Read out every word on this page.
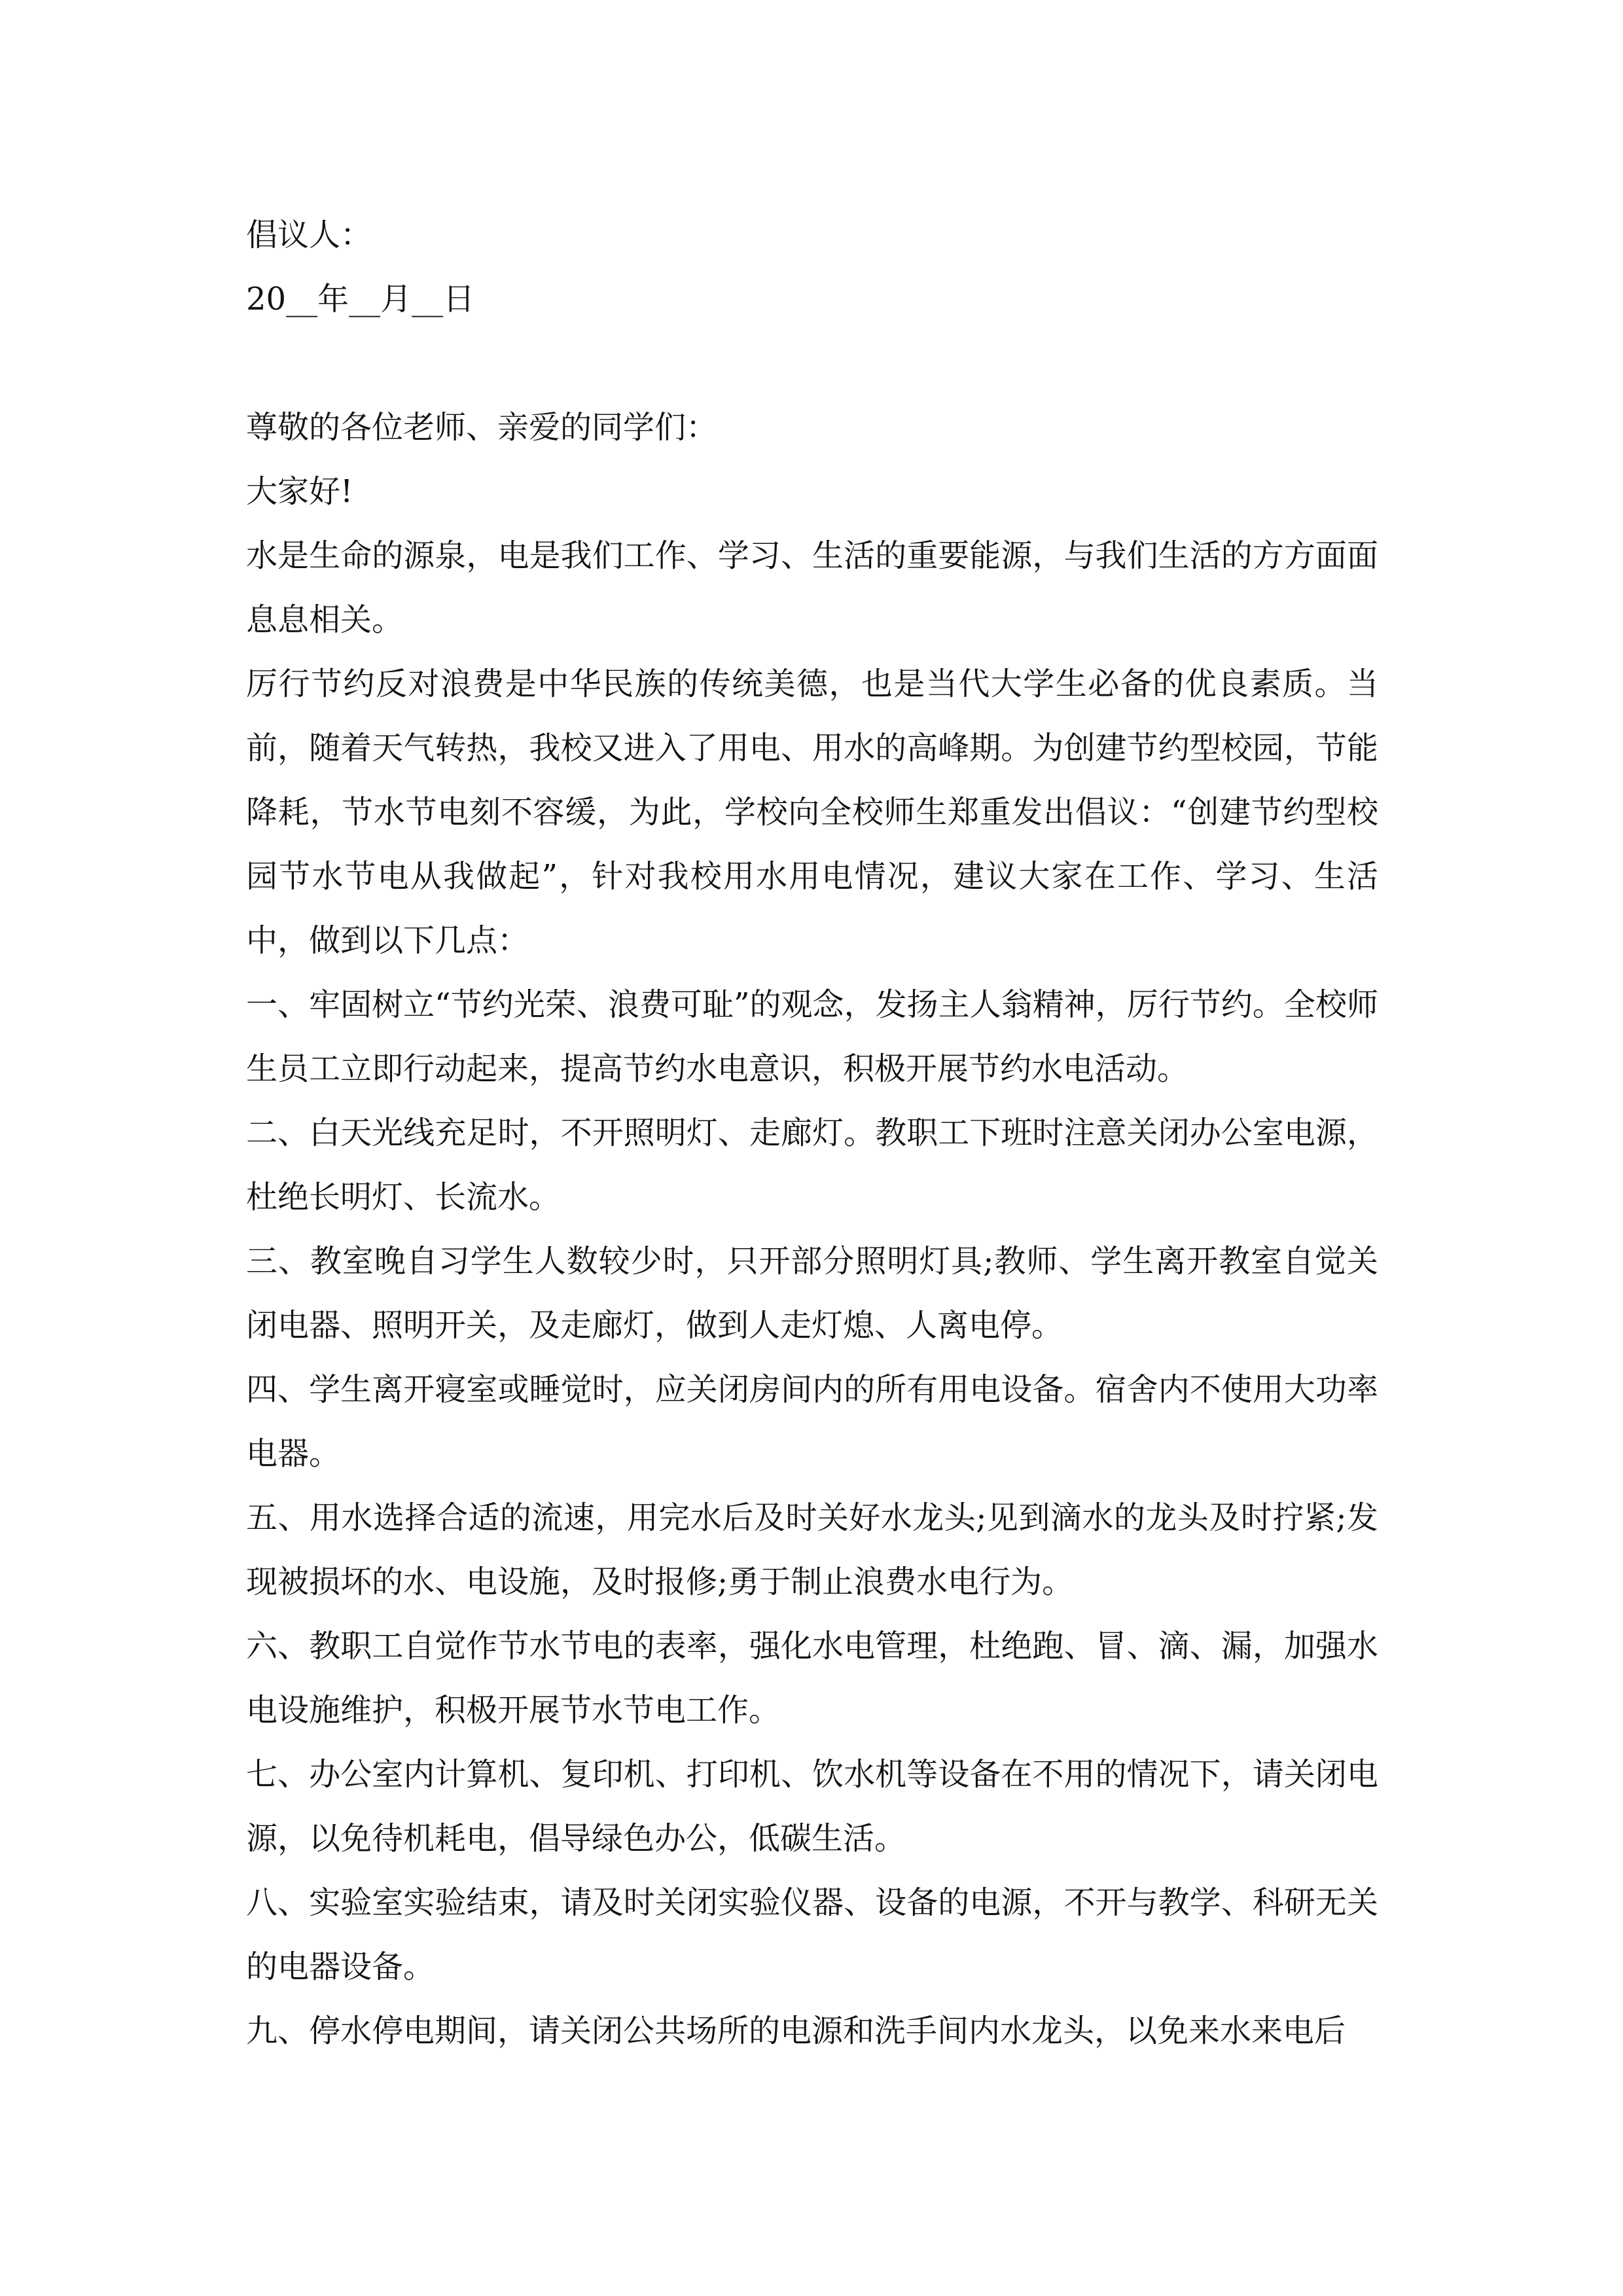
倡议人：

20__年__月__日

尊敬的各位老师、亲爱的同学们：

大家好!

水是生命的源泉，电是我们工作、学习、生活的重要能源，与我们生活的方方面面息息相关。

厉行节约反对浪费是中华民族的传统美德，也是当代大学生必备的优良素质。当前，随着天气转热，我校又进入了用电、用水的高峰期。为创建节约型校园，节能降耗，节水节电刻不容缓，为此，学校向全校师生郑重发出倡议：“创建节约型校园节水节电从我做起”，针对我校用水用电情况，建议大家在工作、学习、生活中，做到以下几点：

一、牢固树立“节约光荣、浪费可耻”的观念，发扬主人翁精神，厉行节约。全校师生员工立即行动起来，提高节约水电意识，积极开展节约水电活动。

二、白天光线充足时，不开照明灯、走廊灯。教职工下班时注意关闭办公室电源，杜绝长明灯、长流水。

三、教室晚自习学生人数较少时，只开部分照明灯具;教师、学生离开教室自觉关闭电器、照明开关，及走廊灯，做到人走灯熄、人离电停。

四、学生离开寝室或睡觉时，应关闭房间内的所有用电设备。宿舍内不使用大功率电器。

五、用水选择合适的流速，用完水后及时关好水龙头;见到滴水的龙头及时拧紧;发现被损坏的水、电设施，及时报修;勇于制止浪费水电行为。

六、教职工自觉作节水节电的表率，强化水电管理，杜绝跑、冒、滴、漏，加强水电设施维护，积极开展节水节电工作。

七、办公室内计算机、复印机、打印机、饮水机等设备在不用的情况下，请关闭电源，以免待机耗电，倡导绿色办公，低碳生活。

八、实验室实验结束，请及时关闭实验仪器、设备的电源，不开与教学、科研无关的电器设备。

九、停水停电期间，请关闭公共场所的电源和洗手间内水龙头，以免来水来电后
